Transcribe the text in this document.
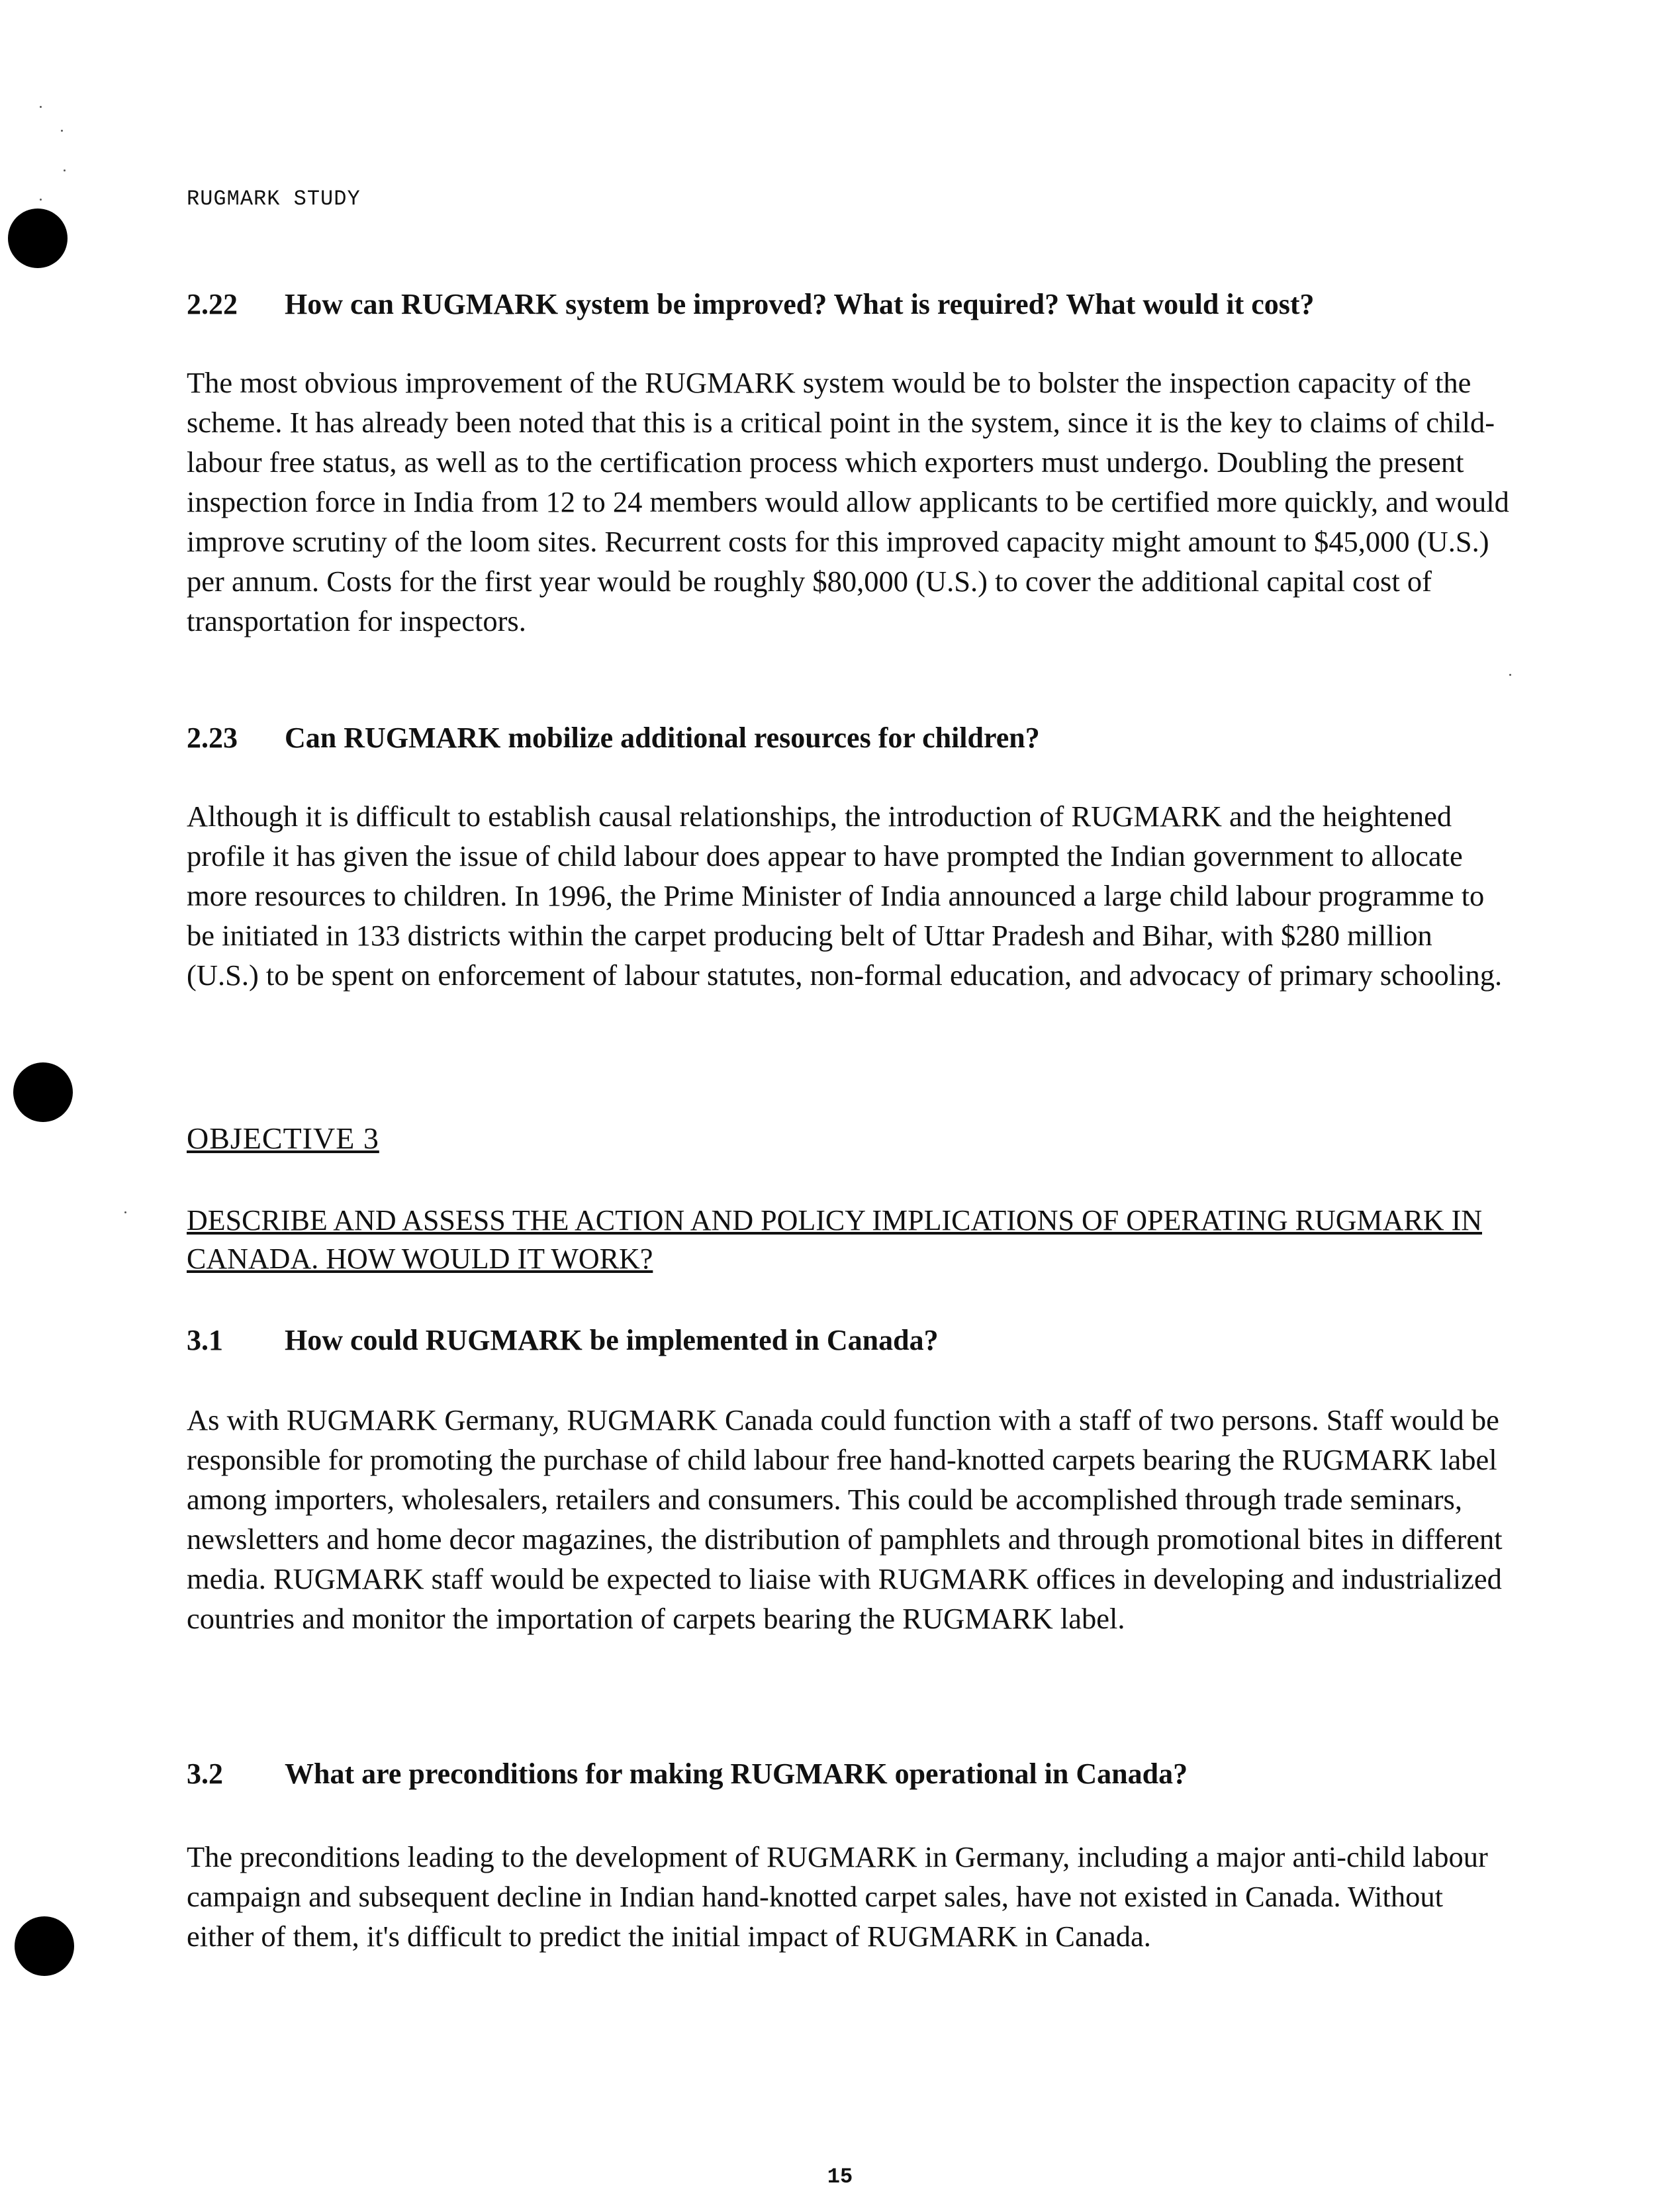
RUGMARK STUDY
2.22 How can RUGMARK system be improved? What is required? What would it cost?
The most obvious improvement of the RUGMARK system would be to bolster the inspection capacity of the scheme. It has already been noted that this is a critical point in the system, since it is the key to claims of child-labour free status, as well as to the certification process which exporters must undergo. Doubling the present inspection force in India from 12 to 24 members would allow applicants to be certified more quickly, and would improve scrutiny of the loom sites. Recurrent costs for this improved capacity might amount to $45,000 (U.S.) per annum. Costs for the first year would be roughly $80,000 (U.S.) to cover the additional capital cost of transportation for inspectors.
2.23 Can RUGMARK mobilize additional resources for children?
Although it is difficult to establish causal relationships, the introduction of RUGMARK and the heightened profile it has given the issue of child labour does appear to have prompted the Indian government to allocate more resources to children. In 1996, the Prime Minister of India announced a large child labour programme to be initiated in 133 districts within the carpet producing belt of Uttar Pradesh and Bihar, with $280 million (U.S.) to be spent on enforcement of labour statutes, non-formal education, and advocacy of primary schooling.
OBJECTIVE 3
DESCRIBE AND ASSESS THE ACTION AND POLICY IMPLICATIONS OF OPERATING RUGMARK IN CANADA. HOW WOULD IT WORK?
3.1 How could RUGMARK be implemented in Canada?
As with RUGMARK Germany, RUGMARK Canada could function with a staff of two persons. Staff would be responsible for promoting the purchase of child labour free hand-knotted carpets bearing the RUGMARK label among importers, wholesalers, retailers and consumers. This could be accomplished through trade seminars, newsletters and home decor magazines, the distribution of pamphlets and through promotional bites in different media. RUGMARK staff would be expected to liaise with RUGMARK offices in developing and industrialized countries and monitor the importation of carpets bearing the RUGMARK label.
3.2 What are preconditions for making RUGMARK operational in Canada?
The preconditions leading to the development of RUGMARK in Germany, including a major anti-child labour campaign and subsequent decline in Indian hand-knotted carpet sales, have not existed in Canada. Without either of them, it's difficult to predict the initial impact of RUGMARK in Canada.
15
